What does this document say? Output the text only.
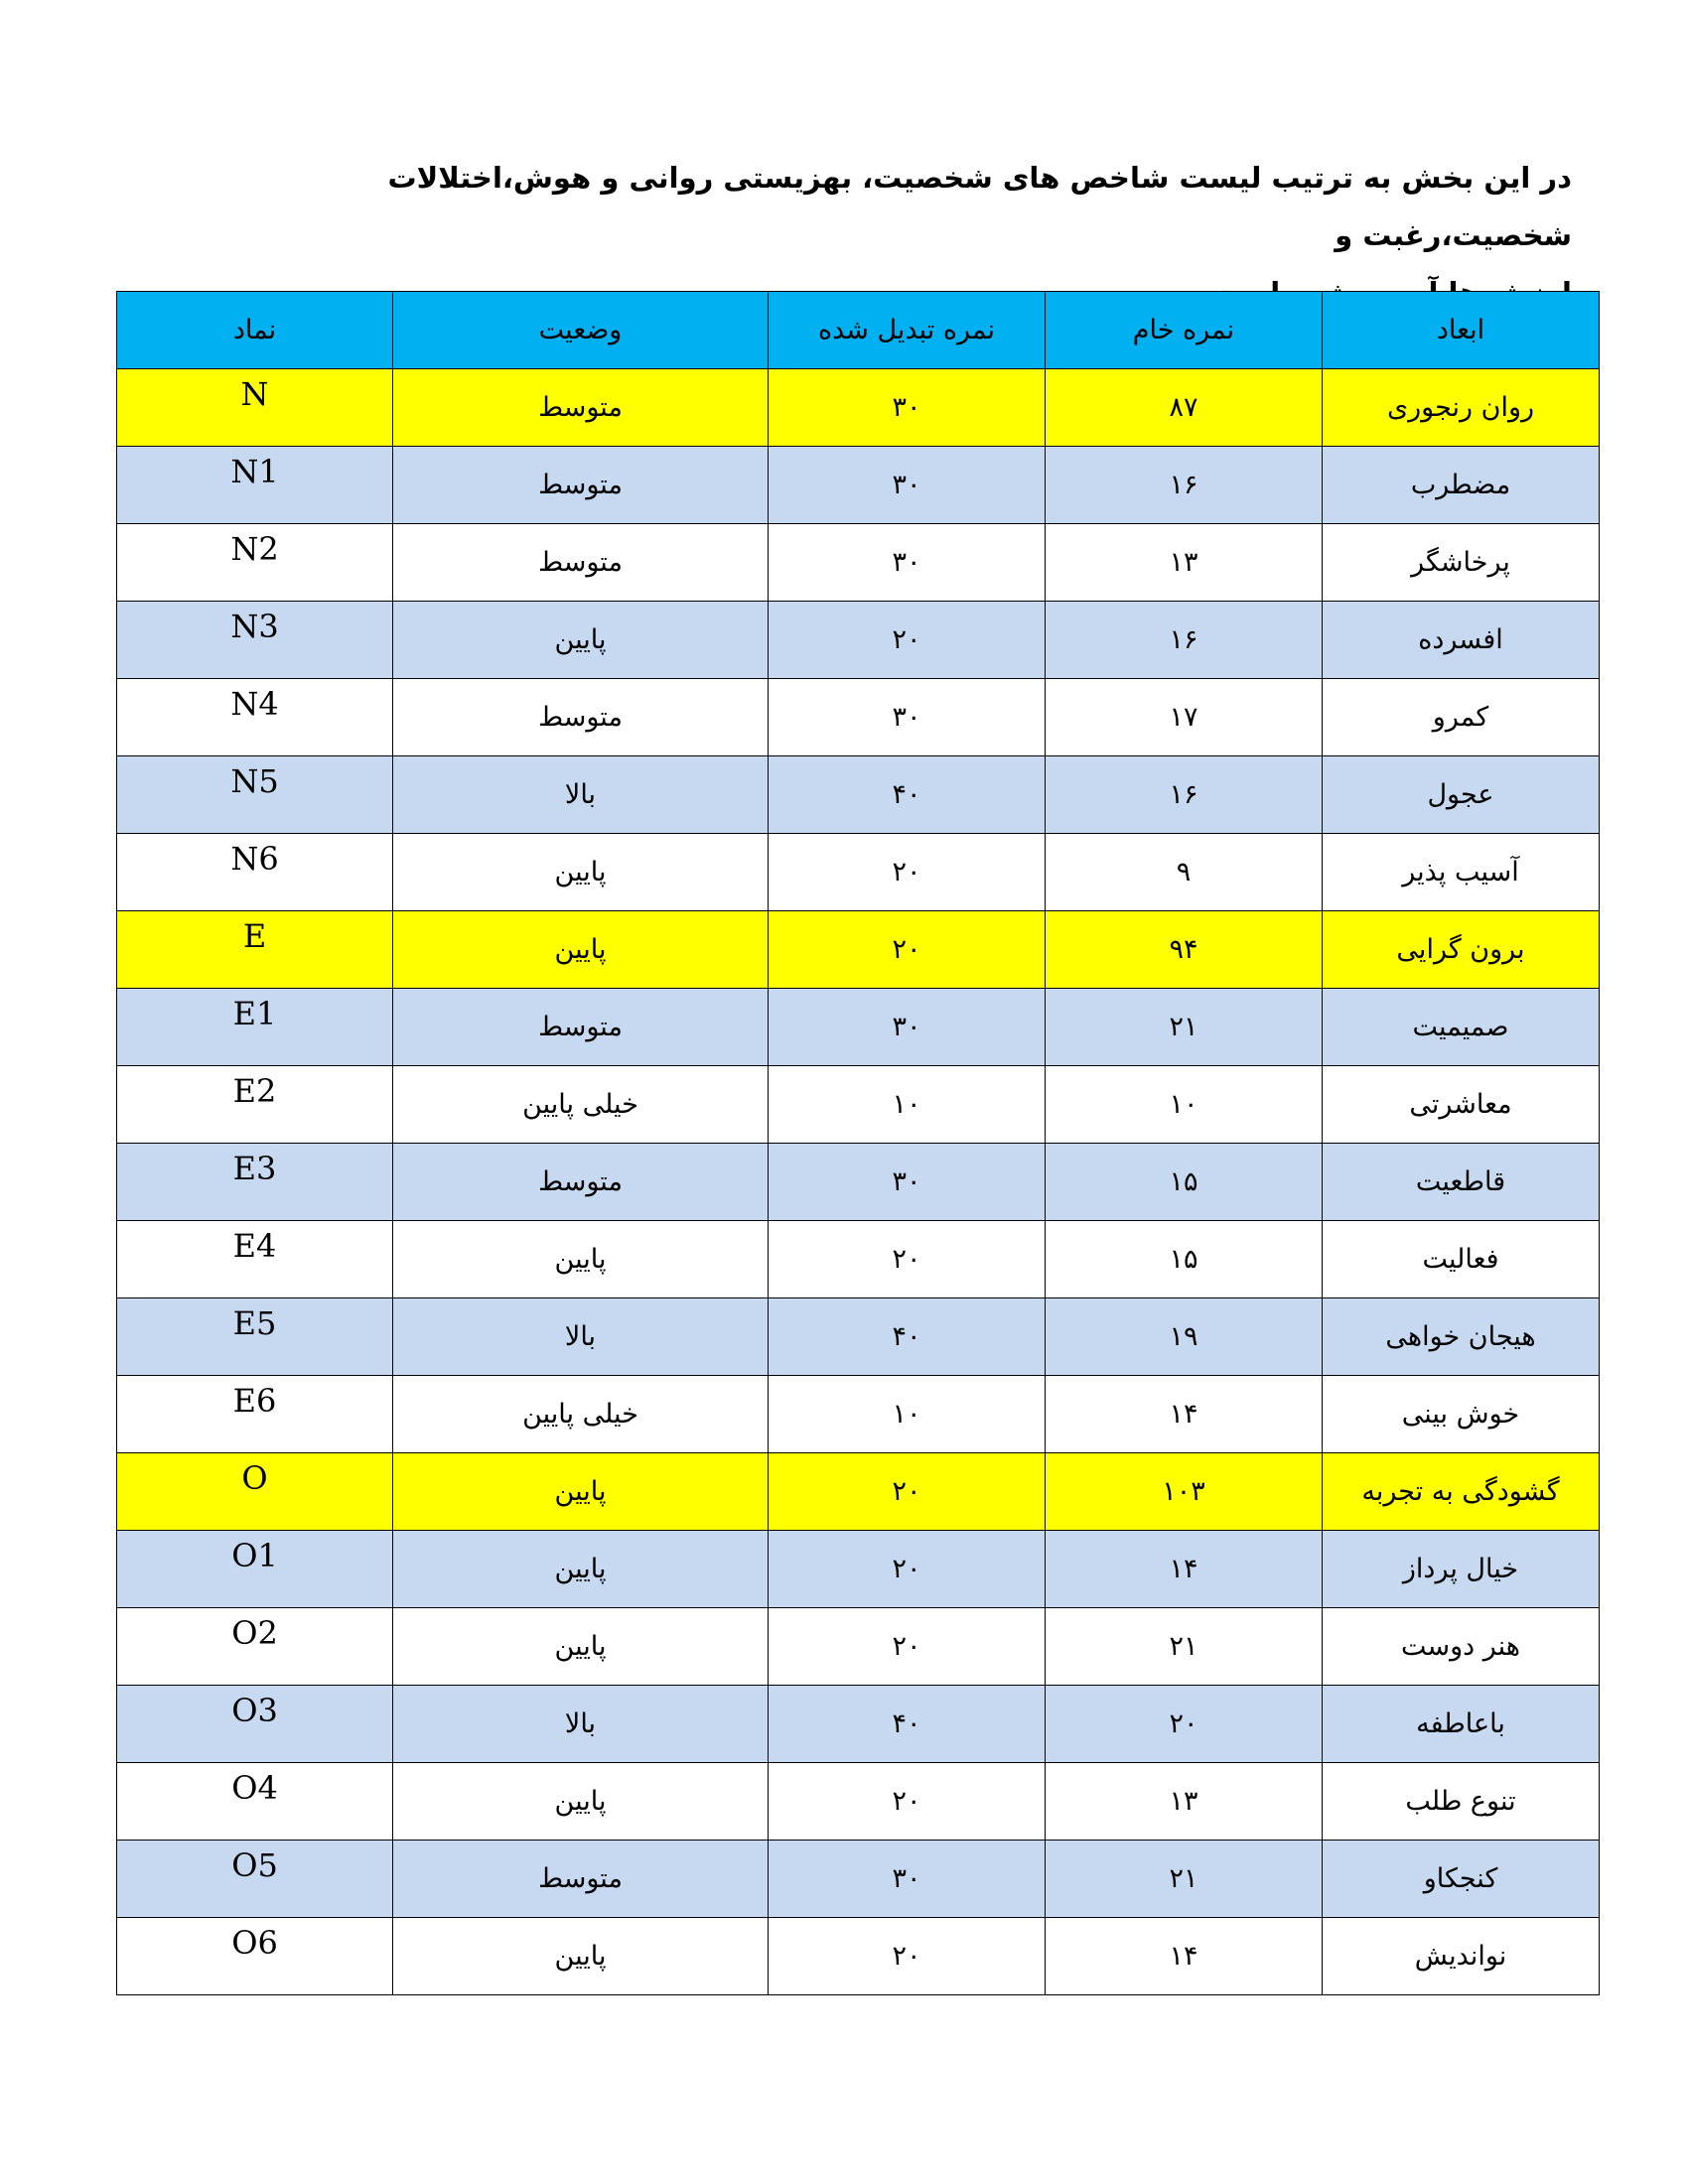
در این بخش به ترتیب لیست شاخص های شخصیت، بهزیستی روانی و هوش،اختلالات شخصیت،رغبت و
ابعاد	نمره خام	نمره تبدیل شده	وضعیت	نماد
روان رنجوری	۸۷	۳۰	متوسط	N
مضطرب	۱۶	۳۰	متوسط	N1
پرخاشگر	۱۳	۳۰	متوسط	N2
افسرده	۱۶	۲۰	پایین	N3
کمرو	۱۷	۳۰	متوسط	N4
عجول	۱۶	۴۰	بالا	N5
آسیب پذیر	۹	۲۰	پایین	N6
برون گرایی	۹۴	۲۰	پایین	E
صمیمیت	۲۱	۳۰	متوسط	E1
معاشرتی	۱۰	۱۰	خیلی پایین	E2
قاطعیت	۱۵	۳۰	متوسط	E3
فعالیت	۱۵	۲۰	پایین	E4
هیجان خواهی	۱۹	۴۰	بالا	E5
خوش بینی	۱۴	۱۰	خیلی پایین	E6
گشودگی به تجربه	۱۰۳	۲۰	پایین	O
خیال پرداز	۱۴	۲۰	پایین	O1
هنر دوست	۲۱	۲۰	پایین	O2
باعاطفه	۲۰	۴۰	بالا	O3
تنوع طلب	۱۳	۲۰	پایین	O4
کنجکاو	۲۱	۳۰	متوسط	O5
نواندیش	۱۴	۲۰	پایین	O6
